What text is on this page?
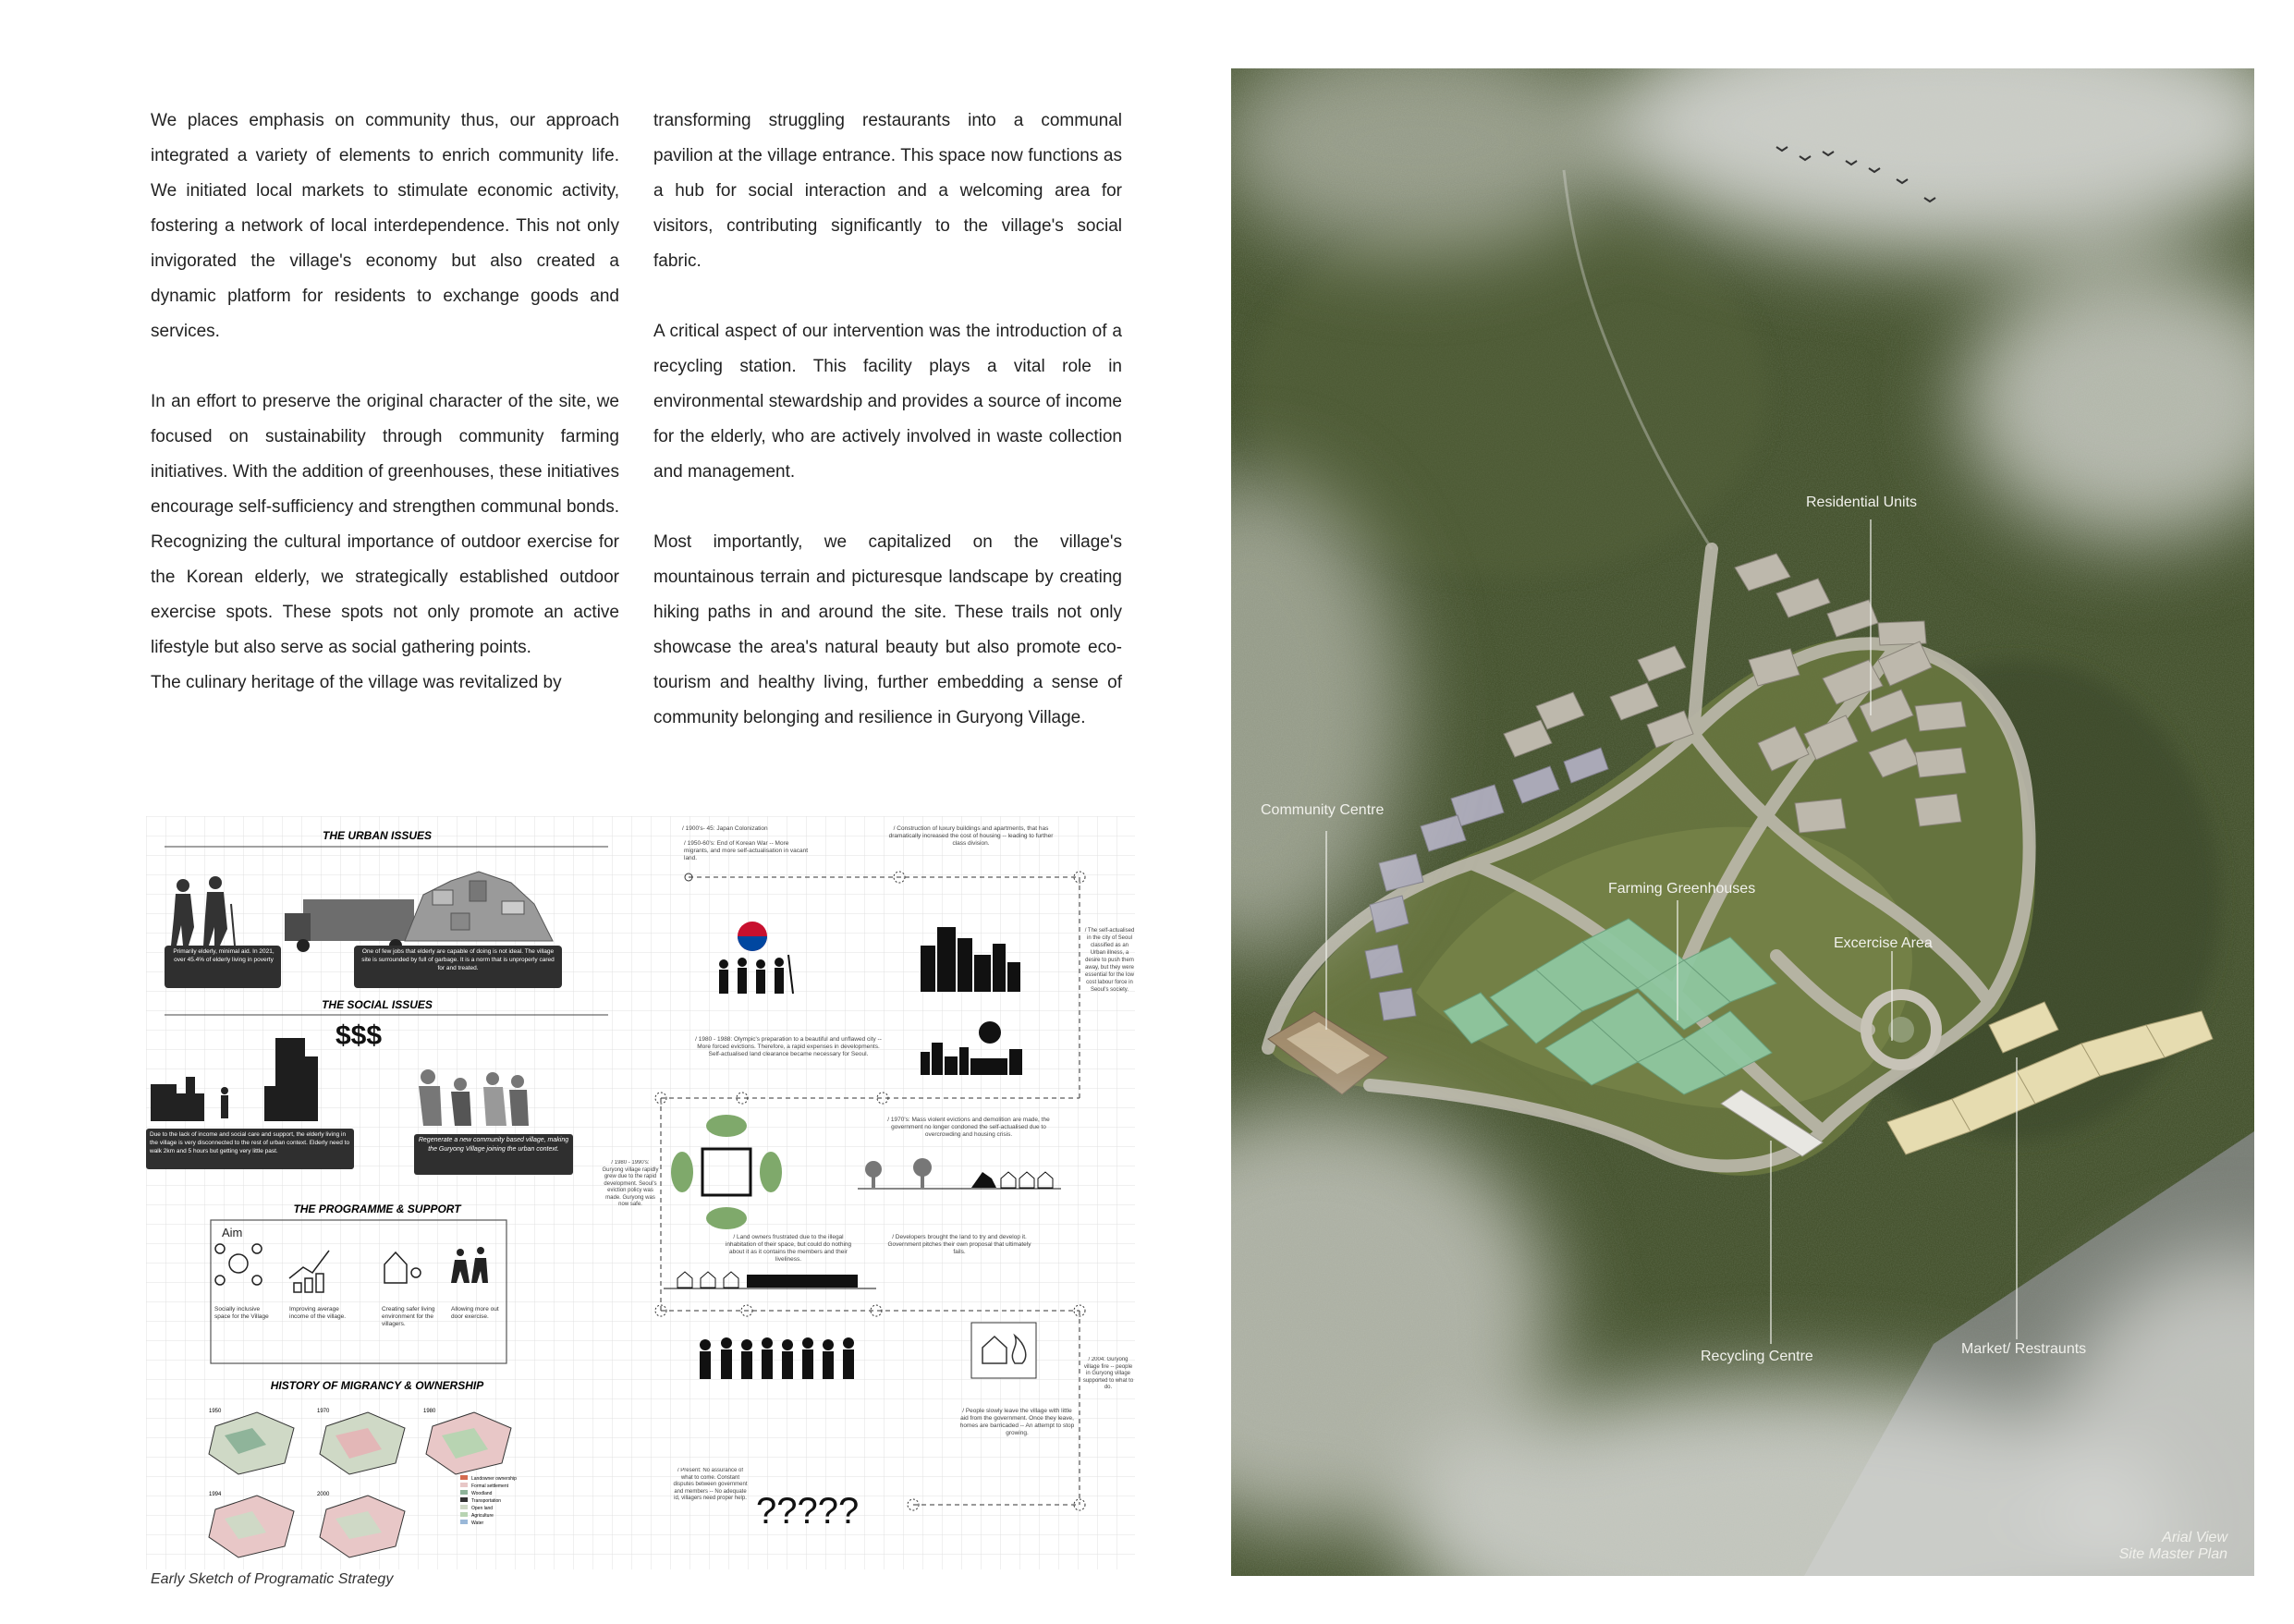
We places emphasis on community thus, our approach integrated a variety of elements to enrich community life. We initiated local markets to stimulate economic activity, fostering a network of local interdependence. This not only invigorated the village's economy but also created a dynamic platform for residents to exchange goods and services.

In an effort to preserve the original character of the site, we focused on sustainability through community farming initiatives. With the addition of greenhouses, these initiatives encourage self-sufficiency and strengthen communal bonds. Recognizing the cultural importance of outdoor exercise for the Korean elderly, we strategically established outdoor exercise spots. These spots not only promote an active lifestyle but also serve as social gathering points.

The culinary heritage of the village was revitalized by

transforming struggling restaurants into a communal pavilion at the village entrance. This space now functions as a hub for social interaction and a welcoming area for visitors, contributing significantly to the village's social fabric.

A critical aspect of our intervention was the introduction of a recycling station. This facility plays a vital role in environmental stewardship and provides a source of income for the elderly, who are actively involved in waste collection and management.

Most importantly, we capitalized on the village's mountainous terrain and picturesque landscape by creating hiking paths in and around the site. These trails not only showcase the area's natural beauty but also promote eco-tourism and healthy living, further embedding a sense of community belonging and resilience in Guryong Village.

THE URBAN ISSUES
Primarily elderly, minimal aid. In 2021, over 45.4% of elderly living in poverty
One of few jobs that elderly are capable of doing is not ideal. The village site is surrounded by full of garbage. It is a norm that is unproperly cared for and treated.
THE SOCIAL ISSUES
$$$
Due to the lack of income and social care and support, the elderly living in the village is very disconnected to the rest of urban context. Elderly need to walk 2km and 5 hours but getting very little past.
Regenerate a new community based village, making the Guryong Village joining the urban context.
THE PROGRAMME & SUPPORT
Aim
Socially inclusive space for the Village
Improving average income of the village.
Creating safer living environment for the villagers.
Allowing more out door exercise.
HISTORY OF MIGRANCY & OWNERSHIP
1950	1970	1980
1994	2000
Landowner ownership
Formal settlement
Woodland
Transportation
Open land
Agriculture
Water
/ 1900's- 45: Japan Colonization
/ 1950-60's: End of Korean War -- More migrants, and more self-actualisation in vacant land.
/ Construction of luxury buildings and apartments, that has dramatically increased the cost of housing -- leading to further class division.
/ The self-actualised in the city of Seoul classified as an Urban illness, a desire to push them away, but they were essential for the low cost labour force in Seoul's society.
/ 1980 - 1988: Olympic's preparation to a beautiful and unflawed city -- More forced evictions. Therefore, a rapid expenses in developments. Self-actualised land clearance became necessary for Seoul.
/ 1980 - 1990's: Guryong village rapidly grew due to the rapid development. Seoul's eviction policy was made. Guryong was now safe.
/ 1970's: Mass violent evictions and demolition are made, the government no longer condoned the self-actualised due to overcrowding and housing crisis.
/ Land owners frustrated due to the illegal inhabitation of their space, but could do nothing about it as it contains the members and their liveliness.
/ Developers brought the land to try and develop it. Government pitches their own proposal that ultimately fails.
/ 2004: Guryong village fire -- people in Guryong village supported to what to do.
/ People slowly leave the village with little aid from the government. Once they leave, homes are barricaded -- An attempt to stop growing.
/ Present: No assurance of what to come. Constant disputes between government and members -- No adequate id, villagers need proper help. ?????
Early Sketch of Programatic Strategy
Residential Units
Community Centre
Farming Greenhouses
Excercise Area
Recycling Centre	Market/ Restraunts
Arial View
Site Master Plan
